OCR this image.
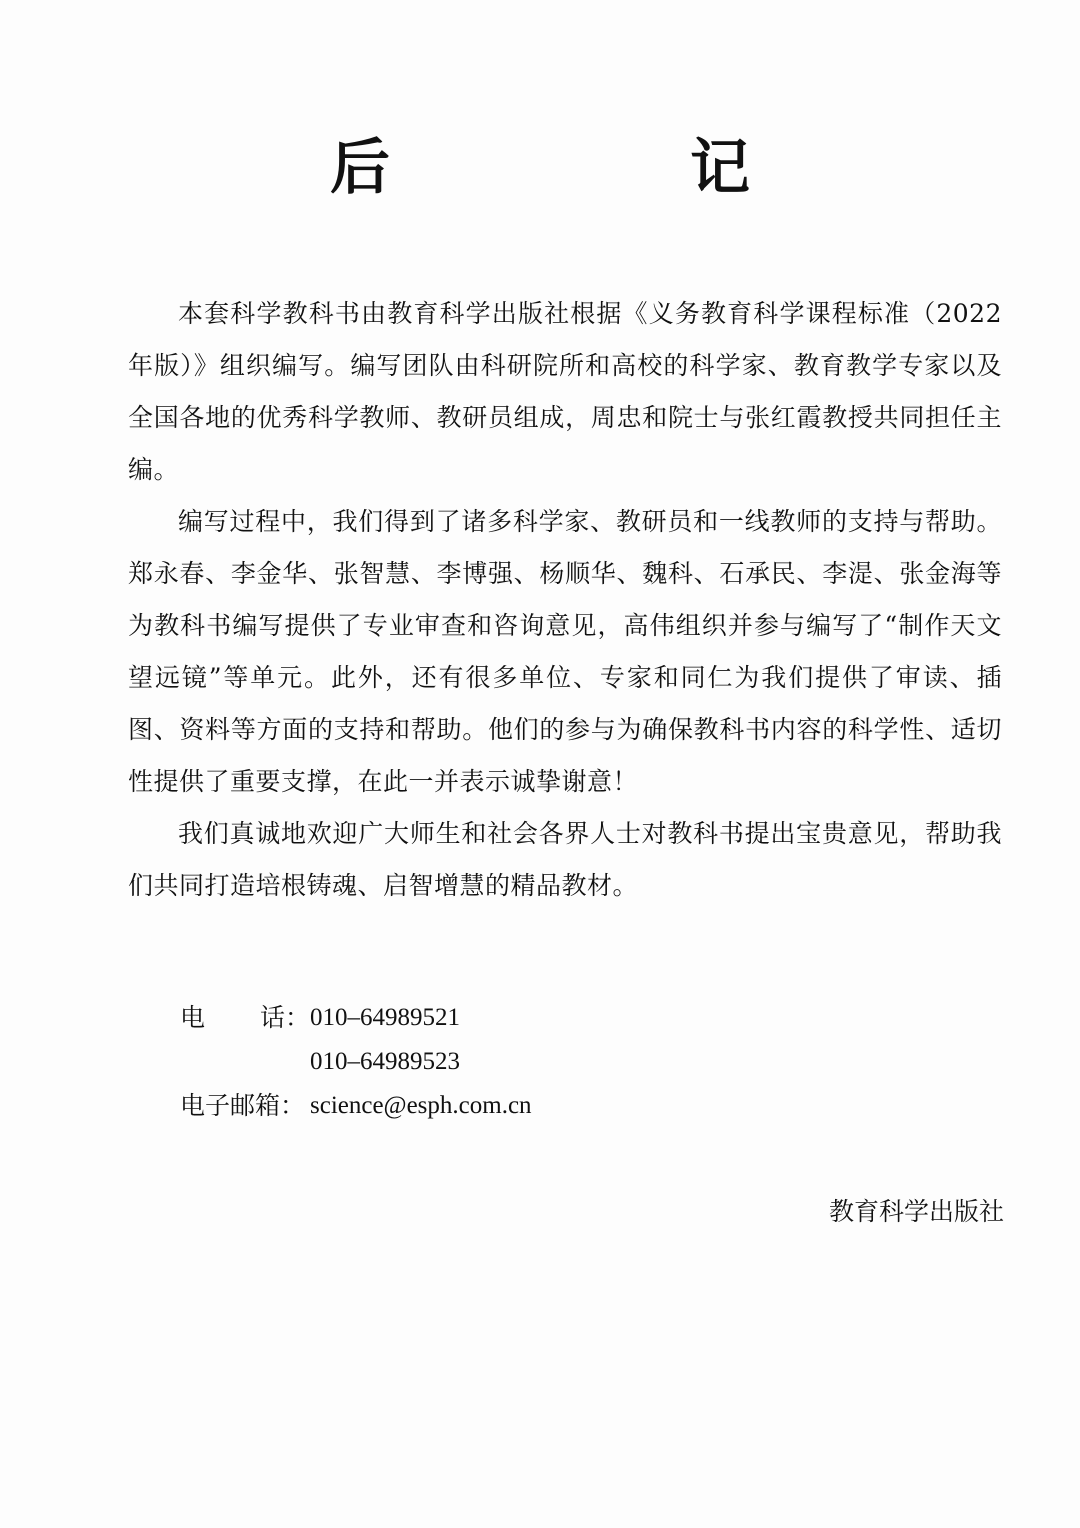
后　记

本套科学教科书由教育科学出版社根据《义务教育科学课程标准（2022年版）》组织编写。编写团队由科研院所和高校的科学家、教育教学专家以及全国各地的优秀科学教师、教研员组成，周忠和院士与张红霞教授共同担任主编。

编写过程中，我们得到了诸多科学家、教研员和一线教师的支持与帮助。郑永春、李金华、张智慧、李博强、杨顺华、魏科、石承民、李湜、张金海等为教科书编写提供了专业审查和咨询意见，高伟组织并参与编写了“制作天文望远镜”等单元。此外，还有很多单位、专家和同仁为我们提供了审读、插图、资料等方面的支持和帮助。他们的参与为确保教科书内容的科学性、适切性提供了重要支撑，在此一并表示诚挚谢意！

我们真诚地欢迎广大师生和社会各界人士对教科书提出宝贵意见，帮助我们共同打造培根铸魂、启智增慧的精品教材。

电 话： 010–64989521
010–64989523
电子邮箱： science@esph.com.cn
教育科学出版社
